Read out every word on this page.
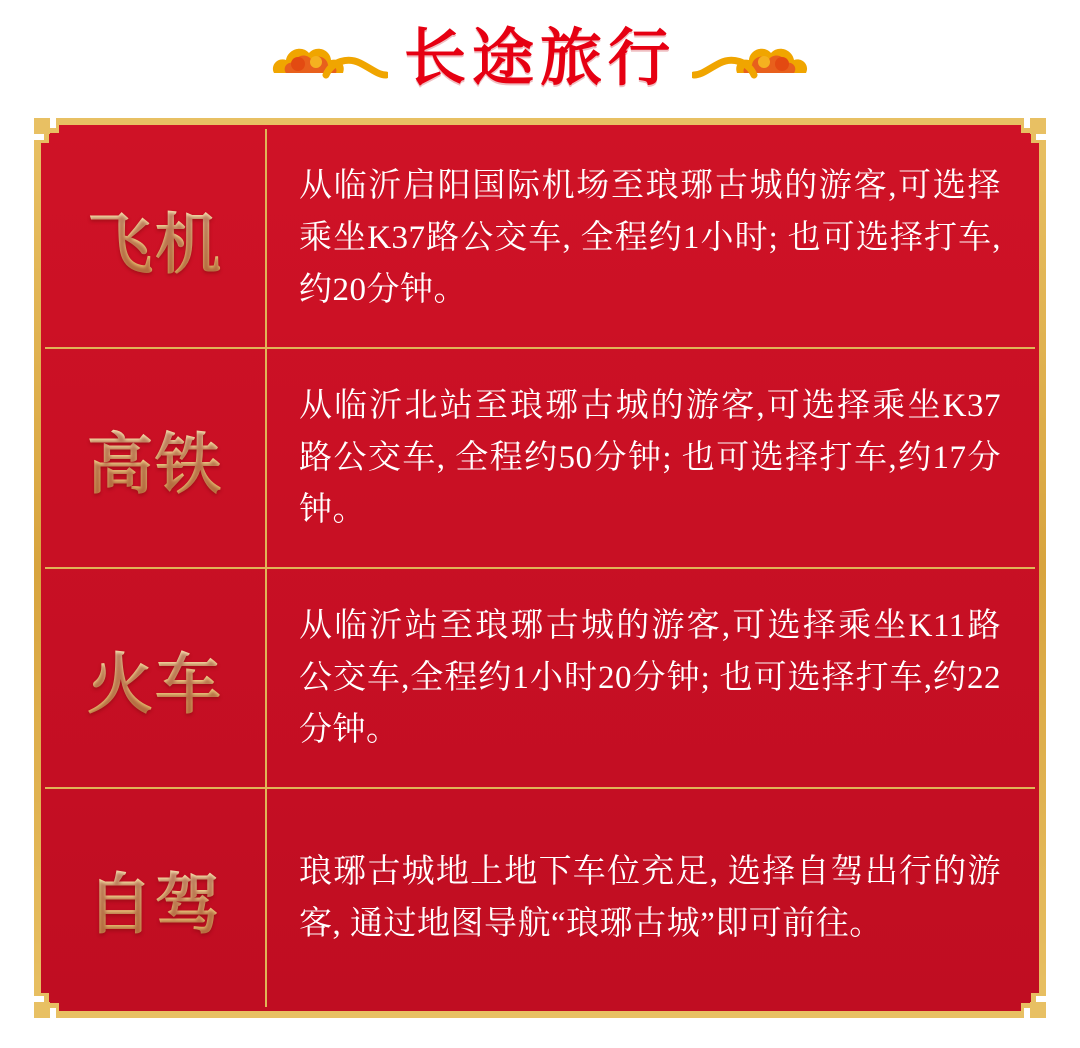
长途旅行
飞机
从临沂启阳国际机场至琅琊古城的游客,可选择乘坐K37路公交车, 全程约1小时; 也可选择打车,约20分钟。
高铁
从临沂北站至琅琊古城的游客,可选择乘坐K37路公交车, 全程约50分钟; 也可选择打车,约17分钟。
火车
从临沂站至琅琊古城的游客,可选择乘坐K11路公交车,全程约1小时20分钟; 也可选择打车,约22分钟。
自驾 琅琊古城地上地下车位充足, 选择自驾出行的游客, 通过地图导航“琅琊古城”即可前往。
